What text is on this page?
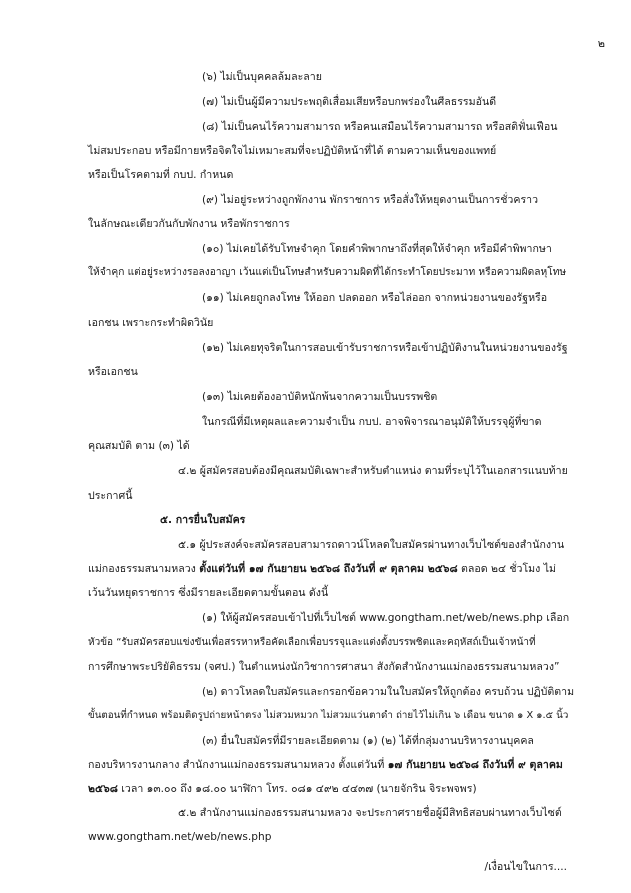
๒
(๖) ไม่เป็นบุคคลล้มละลาย
(๗) ไม่เป็นผู้มีความประพฤติเสื่อมเสียหรือบกพร่องในศีลธรรมอันดี
(๘) ไม่เป็นคนไร้ความสามารถ หรือคนเสมือนไร้ความสามารถ หรือสติฟั่นเฟือน
ไม่สมประกอบ หรือมีกายหรือจิตใจไม่เหมาะสมที่จะปฏิบัติหน้าที่ได้ ตามความเห็นของแพทย์
หรือเป็นโรคตามที่ กบป. กำหนด
(๙) ไม่อยู่ระหว่างถูกพักงาน พักราชการ หรือสั่งให้หยุดงานเป็นการชั่วคราว
ในลักษณะเดียวกันกับพักงาน หรือพักราชการ
(๑๐) ไม่เคยได้รับโทษจำคุก โดยคำพิพากษาถึงที่สุดให้จำคุก หรือมีคำพิพากษา
ให้จำคุก แต่อยู่ระหว่างรอลงอาญา เว้นแต่เป็นโทษสำหรับความผิดที่ได้กระทำโดยประมาท หรือความผิดลหุโทษ
(๑๑) ไม่เคยถูกลงโทษ ให้ออก ปลดออก หรือไล่ออก จากหน่วยงานของรัฐหรือ
เอกชน เพราะกระทำผิดวินัย
(๑๒) ไม่เคยทุจริตในการสอบเข้ารับราชการหรือเข้าปฏิบัติงานในหน่วยงานของรัฐ
หรือเอกชน
(๑๓) ไม่เคยต้องอาบัติหนักพ้นจากความเป็นบรรพชิต
ในกรณีที่มีเหตุผลและความจำเป็น กบป. อาจพิจารณาอนุมัติให้บรรจุผู้ที่ขาด
คุณสมบัติ ตาม (๓) ได้
๔.๒ ผู้สมัครสอบต้องมีคุณสมบัติเฉพาะสำหรับตำแหน่ง ตามที่ระบุไว้ในเอกสารแนบท้าย
ประกาศนี้
๕. การยื่นใบสมัคร
๕.๑ ผู้ประสงค์จะสมัครสอบสามารถดาวน์โหลดใบสมัครผ่านทางเว็บไซต์ของสำนักงาน
แม่กองธรรมสนามหลวง ตั้งแต่วันที่ ๑๗ กันยายน ๒๕๖๘ ถึงวันที่ ๙ ตุลาคม ๒๕๖๘ ตลอด ๒๔ ชั่วโมง ไม่
เว้นวันหยุดราชการ ซึ่งมีรายละเอียดตามขั้นตอน ดังนี้
(๑) ให้ผู้สมัครสอบเข้าไปที่เว็บไซต์ www.gongtham.net/web/news.php เลือก
หัวข้อ “รับสมัครสอบแข่งขันเพื่อสรรหาหรือคัดเลือกเพื่อบรรจุและแต่งตั้งบรรพชิตและคฤหัสถ์เป็นเจ้าหน้าที่
การศึกษาพระปริยัติธรรม (จศป.) ในตำแหน่งนักวิชาการศาสนา สังกัดสำนักงานแม่กองธรรมสนามหลวง”
(๒) ดาวโหลดใบสมัครและกรอกข้อความในใบสมัครให้ถูกต้อง ครบถ้วน ปฏิบัติตาม
ขั้นตอนที่กำหนด พร้อมติดรูปถ่ายหน้าตรง ไม่สวมหมวก ไม่สวมแว่นตาดำ ถ่ายไว้ไม่เกิน ๖ เดือน ขนาด ๑ X ๑.๕ นิ้ว
(๓) ยื่นใบสมัครที่มีรายละเอียดตาม (๑) (๒) ได้ที่กลุ่มงานบริหารงานบุคคล
กองบริหารงานกลาง สำนักงานแม่กองธรรมสนามหลวง ตั้งแต่วันที่ ๑๗ กันยายน ๒๕๖๘ ถึงวันที่ ๙ ตุลาคม
๒๕๖๘ เวลา ๑๓.๐๐ ถึง ๑๘.๐๐ นาฬิกา โทร. ๐๘๑ ๔๙๒ ๔๔๓๗ (นายจักริน จิระพจพร)
๕.๒ สำนักงานแม่กองธรรมสนามหลวง จะประกาศรายชื่อผู้มีสิทธิสอบผ่านทางเว็บไซต์
www.gongtham.net/web/news.php
/เงื่อนไขในการ....
